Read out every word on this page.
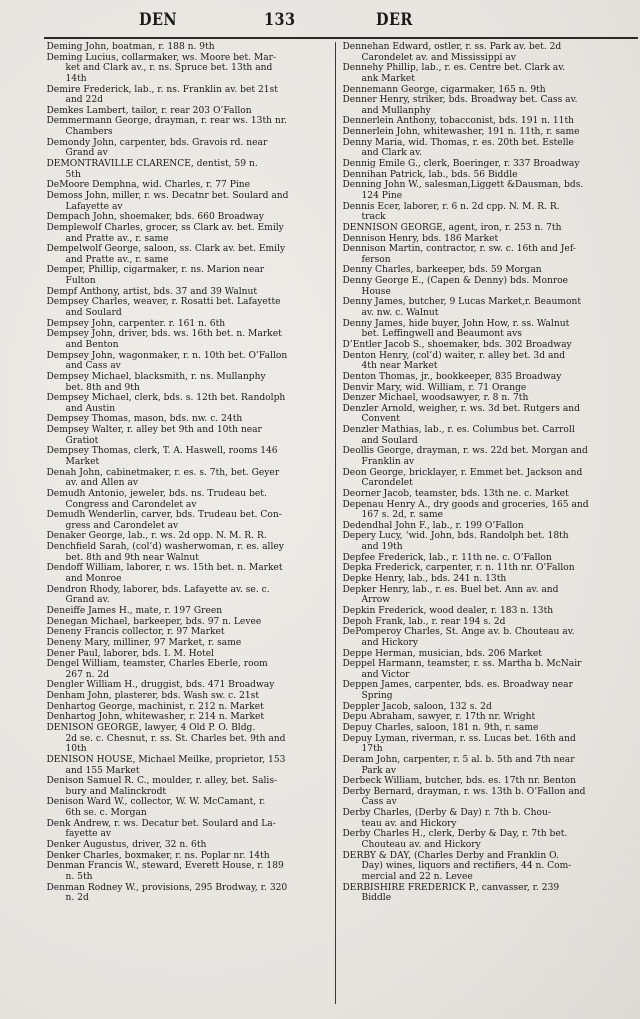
DEN	133	DER
Deming John, boatman, r. 188 n. 9th
Deming Lucius, collarmaker, ws. Moore bet. Mar-
ket and Clark av., r. ns. Spruce bet. 13th and
14th
Demire Frederick, lab., r. ns. Franklin av. bet 21st
and 22d
Demkes Lambert, tailor, r. rear 203 O’Fallon
Demmermann George, drayman, r. rear ws. 13th nr.
Chambers
Demondy John, carpenter, bds. Gravois rd. near
Grand av
DEMONTRAVILLE CLARENCE, dentist, 59 n.
5th
DeMoore Demphna, wid. Charles, r. 77 Pine
Demoss John, miller, r. ws. Decatnr bet. Soulard and
Lafayette av
Dempach John, shoemaker, bds. 660 Broadway
Demplewolf Charles, grocer, ss Clark av. bet. Emily
and Pratte av., r. same
Dempelwolf George, saloon, ss. Clark av. bet. Emily
and Pratte av., r. same
Demper, Phillip, cigarmaker, r. ns. Marion near
Fulton
Dempf Anthony, artist, bds. 37 and 39 Walnut
Dempsey Charles, weaver, r. Rosatti bet. Lafayette
and Soulard
Dempsey John, carpenter. r. 161 n. 6th
Dempsey John, driver, bds. ws. 16th bet. n. Market
and Benton
Dempsey John, wagonmaker, r. n. 10th bet. O’Fallon
and Cass av
Dempsey Michael, blacksmith, r. ns. Mullanphy
bet. 8th and 9th
Dempsey Michael, clerk, bds. s. 12th bet. Randolph
and Austin
Dempsey Thomas, mason, bds. nw. c. 24th
Dempsey Walter, r. alley bet 9th and 10th near
Gratiot
Dempsey Thomas, clerk, T. A. Haswell, rooms 146
Market
Denah John, cabinetmaker, r. es. s. 7th, bet. Geyer
av. and Allen av
Demudh Antonio, jeweler, bds. ns. Trudeau bet.
Congress and Carondelet av
Demudh Wenderlin, carver, bds. Trudeau bet. Con-
gress and Carondelet av
Denaker George, lab., r. ws. 2d opp. N. M. R. R.
Denchfield Sarah, (col’d) washerwoman, r. es. alley
bet. 8th and 9th near Walnut
Dendoff William, laborer, r. ws. 15th bet. n. Market
and Monroe
Dendron Rhody, laborer, bds. Lafayette av. se. c.
Grand av.
Deneiffe James H., mate, r. 197 Green
Denegan Michael, barkeeper, bds. 97 n. Levee
Deneny Francis collector, r. 97 Market
Deneny Mary, milliner, 97 Market, r. same
Dener Paul, laborer, bds. I. M. Hotel
Dengel William, teamster, Charles Eberle, room
267 n. 2d
Dengler William H., druggist, bds. 471 Broadway
Denham John, plasterer, bds. Wash sw. c. 21st
Denhartog George, machinist, r. 212 n. Market
Denhartog John, whitewasher, r. 214 n. Market
DENISON GEORGE, lawyer, 4 Old P. O. Bldg.
2d se. c. Chesnut, r. ss. St. Charles bet. 9th and
10th
DENISON HOUSE, Michael Meilke, proprietor, 153
and 155 Market
Denison Samuel R. C., moulder, r. alley, bet. Salis-
bury and Malinckrodt
Denison Ward W., collector, W. W. McCamant, r.
6th se. c. Morgan
Denk Andrew, r. ws. Decatur bet. Soulard and La-
fayette av
Denker Augustus, driver, 32 n. 6th
Denker Charles, boxmaker, r. ns. Poplar nr. 14th
Denman Francis W., steward, Everett House, r. 189
n. 5th
Denman Rodney W., provisions, 295 Brodway, r. 320
n. 2d
Dennehan Edward, ostler, r. ss. Park av. bet. 2d
Carondelet av. and Mississippi av
Dennehy Phillip, lab., r. es. Centre bet. Clark av.
ank Market
Dennemann George, cigarmaker, 165 n. 9th
Denner Henry, striker, bds. Broadway bet. Cass av.
and Mullanphy
Dennerlein Anthony, tobacconist, bds. 191 n. 11th
Dennerlein John, whitewasher, 191 n. 11th, r. same
Denny Maria, wid. Thomas, r. es. 20th bet. Estelle
and Clark av.
Dennig Emile G., clerk, Boeringer, r. 337 Broadway
Dennihan Patrick, lab., bds. 56 Biddle
Denning John W., salesman,Liggett &Dausman, bds.
124 Pine
Dennis Ecer, laborer, r. 6 n. 2d cpp. N. M. R. R.
track
DENNISON GEORGE, agent, iron, r. 253 n. 7th
Dennison Henry, bds. 186 Market
Dennison Martin, contractor, r. sw. c. 16th and Jef-
ferson
Denny Charles, barkeeper, bds. 59 Morgan
Denny George E., (Capen & Denny) bds. Monroe
House
Denny James, butcher, 9 Lucas Market,r. Beaumont
av. nw. c. Walnut
Denny James, hide buyer, John How, r. ss. Walnut
bet. Leffingwell and Beaumont avs
D’Entler Jacob S., shoemaker, bds. 302 Broadway
Denton Henry, (col’d) waiter, r. alley bet. 3d and
4th near Market
Denton Thomas, jr., bookkeeper, 835 Broadway
Denvir Mary, wid. William, r. 71 Orange
Denzer Michael, woodsawyer, r. 8 n. 7th
Denzler Arnold, weigher, r. ws. 3d bet. Rutgers and
Convent
Denzler Mathias, lab., r. es. Columbus bet. Carroll
and Soulard
Deollis George, drayman, r. ws. 22d bet. Morgan and
Franklin av
Deon George, bricklayer, r. Emmet bet. Jackson and
Carondelet
Deorner Jacob, teamster, bds. 13th ne. c. Market
Depenau Henry A., dry goods and groceries, 165 and
167 s. 2d, r. same
Dedendhal John F., lab., r. 199 O’Fallon
Depery Lucy, ‘wid. John, bds. Randolph bet. 18th
and 19th
Depfee Frederick, lab., r. 11th ne. c. O’Fallon
Depka Frederick, carpenter, r. n. 11th nr. O’Fallon
Depke Henry, lab., bds. 241 n. 13th
Depker Henry, lab., r. es. Buel bet. Ann av. and
Arrow
Depkin Frederick, wood dealer, r. 183 n. 13th
Depoh Frank, lab., r. rear 194 s. 2d
DePomperoy Charles, St. Ange av. b. Chouteau av.
and Hickory
Deppe Herman, musician, bds. 206 Market
Deppel Harmann, teamster, r. ss. Martha b. McNair
and Victor
Deppen James, carpenter, bds. es. Broadway near
Spring
Deppler Jacob, saloon, 132 s. 2d
Depu Abraham, sawyer, r. 17th nr. Wright
Depuy Charles, saloon, 181 n. 9th, r. same
Depuy Lyman, riverman, r. ss. Lucas bet. 16th and
17th
Deram John, carpenter, r. 5 al. b. 5th and 7th near
Park av
Derbeck William, butcher, bds. es. 17th nr. Benton
Derby Bernard, drayman, r. ws. 13th b. O’Fallon and
Cass av
Derby Charles, (Derby & Day) r. 7th b. Chou-
teau av. and Hickory
Derby Charles H., clerk, Derby & Day, r. 7th bet.
Chouteau av. and Hickory
DERBY & DAY, (Charles Derby and Franklin O.
Day) wines, liquors and rectifiers, 44 n. Com-
mercial and 22 n. Levee
DERBISHIRE FREDERICK P., canvasser, r. 239
Biddle
